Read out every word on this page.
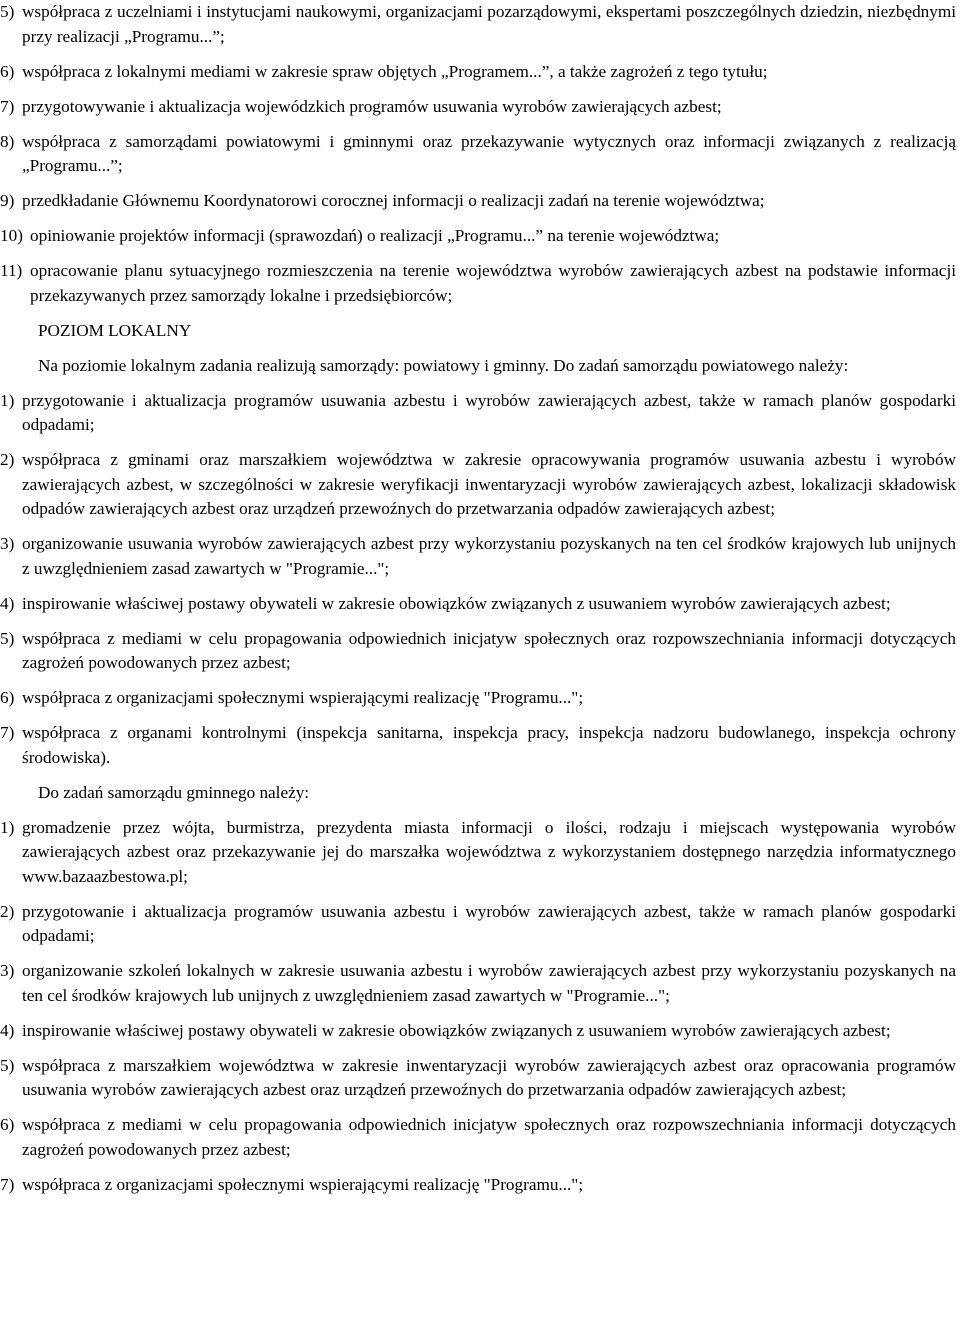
5) współpraca z uczelniami i instytucjami naukowymi, organizacjami pozarządowymi, ekspertami poszczególnych dziedzin, niezbędnymi przy realizacji „Programu...”;
6) współpraca z lokalnymi mediami w zakresie spraw objętych „Programem...”, a także zagrożeń z tego tytułu;
7) przygotowywanie i aktualizacja wojewódzkich programów usuwania wyrobów zawierających azbest;
8) współpraca z samorządami powiatowymi i gminnymi oraz przekazywanie wytycznych oraz informacji związanych z realizacją „Programu...”;
9) przedkładanie Głównemu Koordynatorowi corocznej informacji o realizacji zadań na terenie województwa;
10) opiniowanie projektów informacji (sprawozdań) o realizacji „Programu...” na terenie województwa;
11) opracowanie planu sytuacyjnego rozmieszczenia na terenie województwa wyrobów zawierających azbest na podstawie informacji przekazywanych przez samorządy lokalne i przedsiębiorców;
POZIOM LOKALNY
Na poziomie lokalnym zadania realizują samorządy: powiatowy i gminny. Do zadań samorządu powiatowego należy:
1) przygotowanie i aktualizacja programów usuwania azbestu i wyrobów zawierających azbest, także w ramach planów gospodarki odpadami;
2) współpraca z gminami oraz marszałkiem województwa w zakresie opracowywania programów usuwania azbestu i wyrobów zawierających azbest, w szczególności w zakresie weryfikacji inwentaryzacji wyrobów zawierających azbest, lokalizacji składowisk odpadów zawierających azbest oraz urządzeń przewoźnych do przetwarzania odpadów zawierających azbest;
3) organizowanie usuwania wyrobów zawierających azbest przy wykorzystaniu pozyskanych na ten cel środków krajowych lub unijnych z uwzględnieniem zasad zawartych w "Programie...";
4) inspirowanie właściwej postawy obywateli w zakresie obowiązków związanych z usuwaniem wyrobów zawierających azbest;
5) współpraca z mediami w celu propagowania odpowiednich inicjatyw społecznych oraz rozpowszechniania informacji dotyczących zagrożeń powodowanych przez azbest;
6) współpraca z organizacjami społecznymi wspierającymi realizację "Programu...";
7) współpraca z organami kontrolnymi (inspekcja sanitarna, inspekcja pracy, inspekcja nadzoru budowlanego, inspekcja ochrony środowiska).
Do zadań samorządu gminnego należy:
1) gromadzenie przez wójta, burmistrza, prezydenta miasta informacji o ilości, rodzaju i miejscach występowania wyrobów zawierających azbest oraz przekazywanie jej do marszałka województwa z wykorzystaniem dostępnego narzędzia informatycznego www.bazaazbestowa.pl;
2) przygotowanie i aktualizacja programów usuwania azbestu i wyrobów zawierających azbest, także w ramach planów gospodarki odpadami;
3) organizowanie szkoleń lokalnych w zakresie usuwania azbestu i wyrobów zawierających azbest przy wykorzystaniu pozyskanych na ten cel środków krajowych lub unijnych z uwzględnieniem zasad zawartych w "Programie...";
4) inspirowanie właściwej postawy obywateli w zakresie obowiązków związanych z usuwaniem wyrobów zawierających azbest;
5) współpraca z marszałkiem województwa w zakresie inwentaryzacji wyrobów zawierających azbest oraz opracowania programów usuwania wyrobów zawierających azbest oraz urządzeń przewoźnych do przetwarzania odpadów zawierających azbest;
6) współpraca z mediami w celu propagowania odpowiednich inicjatyw społecznych oraz rozpowszechniania informacji dotyczących zagrożeń powodowanych przez azbest;
7) współpraca z organizacjami społecznymi wspierającymi realizację "Programu...";
